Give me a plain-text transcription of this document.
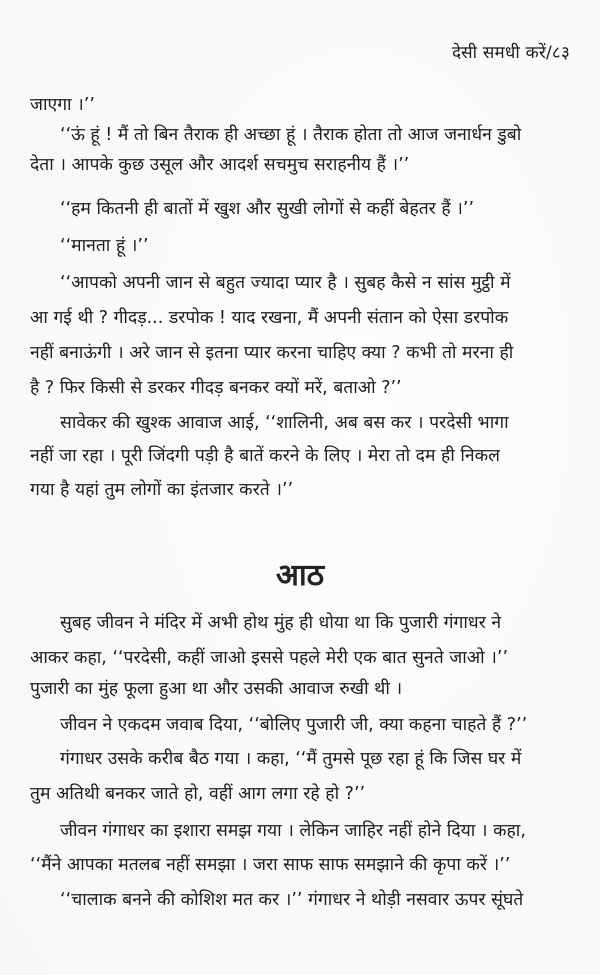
देसी समधी करें/८३
आठ
जाएगा ।’’
‘‘ऊं हूं ! मैं तो बिन तैराक ही अच्छा हूं । तैराक होता तो आज जनार्धन डुबो
देता । आपके कुछ उसूल और आदर्श सचमुच सराहनीय हैं ।’’
‘‘हम कितनी ही बातों में खुश और सुखी लोगों से कहीं बेहतर हैं ।’’
‘‘मानता हूं ।’’
‘‘आपको अपनी जान से बहुत ज्यादा प्यार है । सुबह कैसे न सांस मुट्ठी में
आ गई थी ? गीदड़... डरपोक ! याद रखना, मैं अपनी संतान को ऐसा डरपोक
नहीं बनाऊंगी । अरे जान से इतना प्यार करना चाहिए क्या ? कभी तो मरना ही
है ? फिर किसी से डरकर गीदड़ बनकर क्यों मरें, बताओ ?’’
सावेकर की खुश्क आवाज आई, ‘‘शालिनी, अब बस कर । परदेसी भागा
नहीं जा रहा । पूरी जिंदगी पड़ी है बातें करने के लिए । मेरा तो दम ही निकल
गया है यहां तुम लोगों का इंतजार करते ।’’
सुबह जीवन ने मंदिर में अभी होथ मुंह ही धोया था कि पुजारी गंगाधर ने
आकर कहा, ‘‘परदेसी, कहीं जाओ इससे पहले मेरी एक बात सुनते जाओ ।’’
पुजारी का मुंह फूला हुआ था और उसकी आवाज रुखी थी ।
जीवन ने एकदम जवाब दिया, ‘‘बोलिए पुजारी जी, क्या कहना चाहते हैं ?’’
गंगाधर उसके करीब बैठ गया । कहा, ‘‘मैं तुमसे पूछ रहा हूं कि जिस घर में
तुम अतिथी बनकर जाते हो, वहीं आग लगा रहे हो ?’’
जीवन गंगाधर का इशारा समझ गया । लेकिन जाहिर नहीं होने दिया । कहा,
‘‘मैंने आपका मतलब नहीं समझा । जरा साफ साफ समझाने की कृपा करें ।’’
‘‘चालाक बनने की कोशिश मत कर ।’’ गंगाधर ने थोड़ी नसवार ऊपर सूंघते
